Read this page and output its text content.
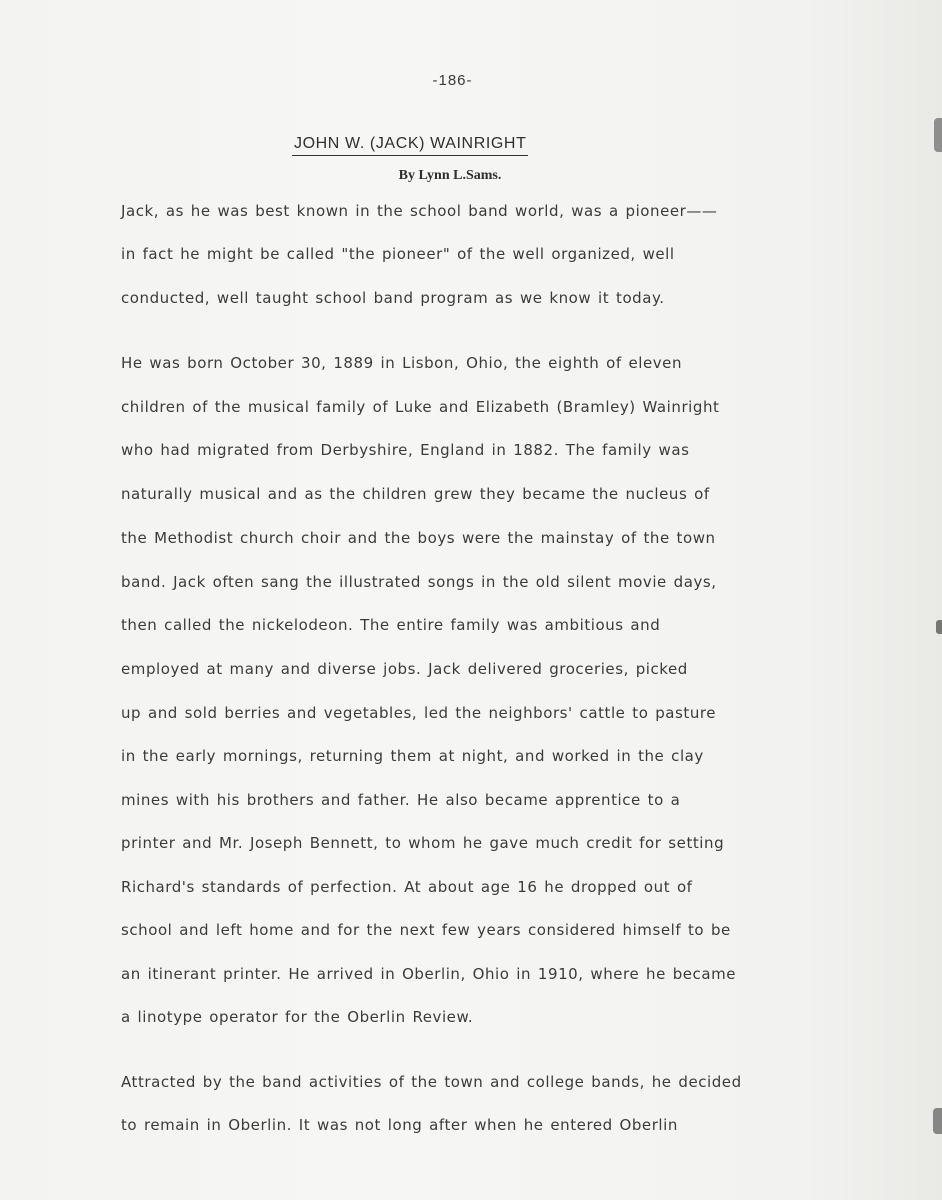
-186-
JOHN W. (JACK) WAINRIGHT
By Lynn L.Sams.
Jack, as he was best known in the school band world, was a pioneer——
in fact he might be called "the pioneer" of the well organized, well
conducted, well taught school band program as we know it today.
He was born October 30, 1889 in Lisbon, Ohio, the eighth of eleven
children of the musical family of Luke and Elizabeth (Bramley) Wainright
who had migrated from Derbyshire, England in 1882. The family was
naturally musical and as the children grew they became the nucleus of
the Methodist church choir and the boys were the mainstay of the town
band. Jack often sang the illustrated songs in the old silent movie days,
then called the nickelodeon. The entire family was ambitious and
employed at many and diverse jobs. Jack delivered groceries, picked
up and sold berries and vegetables, led the neighbors' cattle to pasture
in the early mornings, returning them at night, and worked in the clay
mines with his brothers and father. He also became apprentice to a
printer and Mr. Joseph Bennett, to whom he gave much credit for setting
Richard's standards of perfection. At about age 16 he dropped out of
school and left home and for the next few years considered himself to be
an itinerant printer. He arrived in Oberlin, Ohio in 1910, where he became
a linotype operator for the Oberlin Review.
Attracted by the band activities of the town and college bands, he decided
to remain in Oberlin. It was not long after when he entered Oberlin
